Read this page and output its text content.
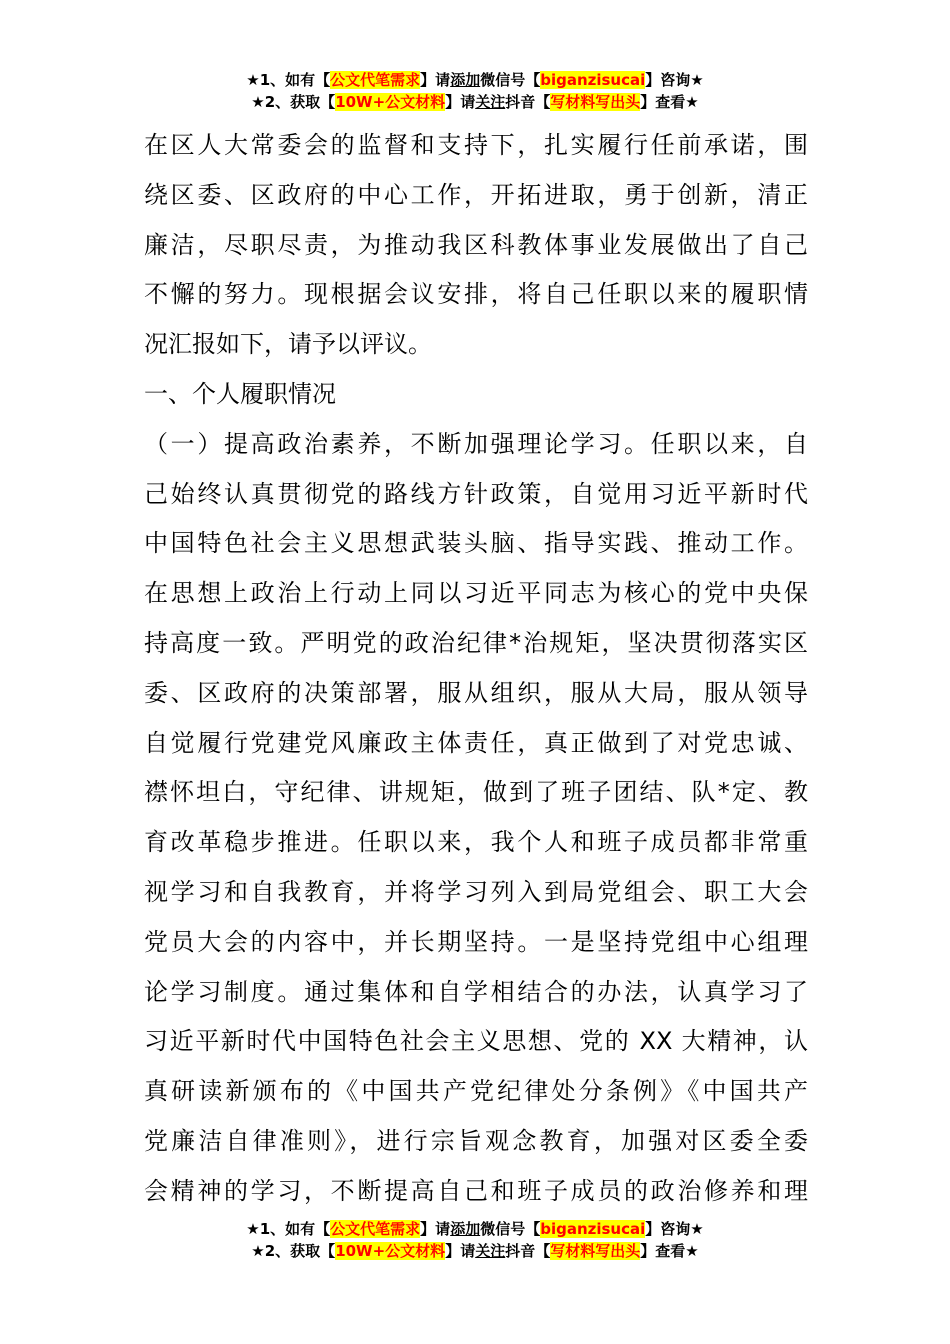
★1、如有【公文代笔需求】请添加微信号【biganzisucai】咨询★
★2、获取【10W+公文材料】请关注抖音【写材料写出头】查看★
在区人大常委会的监督和支持下，扎实履行任前承诺，围
绕区委、区政府的中心工作，开拓进取，勇于创新，清正
廉洁，尽职尽责，为推动我区科教体事业发展做出了自己
不懈的努力。现根据会议安排，将自己任职以来的履职情
况汇报如下，请予以评议。
一、个人履职情况
（一）提高政治素养，不断加强理论学习。任职以来，自
己始终认真贯彻党的路线方针政策，自觉用习近平新时代
中国特色社会主义思想武装头脑、指导实践、推动工作。
在思想上政治上行动上同以习近平同志为核心的党中央保
持高度一致。严明党的政治纪律*治规矩，坚决贯彻落实区
委、区政府的决策部署，服从组织，服从大局，服从领导
自觉履行党建党风廉政主体责任，真正做到了对党忠诚、
襟怀坦白，守纪律、讲规矩，做到了班子团结、队*定、教
育改革稳步推进。任职以来，我个人和班子成员都非常重
视学习和自我教育，并将学习列入到局党组会、职工大会
党员大会的内容中，并长期坚持。一是坚持党组中心组理
论学习制度。通过集体和自学相结合的办法，认真学习了
习近平新时代中国特色社会主义思想、党的 XX 大精神，认
真研读新颁布的《中国共产党纪律处分条例》《中国共产
党廉洁自律准则》，进行宗旨观念教育，加强对区委全委
会精神的学习，不断提高自己和班子成员的政治修养和理
★1、如有【公文代笔需求】请添加微信号【biganzisucai】咨询★
★2、获取【10W+公文材料】请关注抖音【写材料写出头】查看★
